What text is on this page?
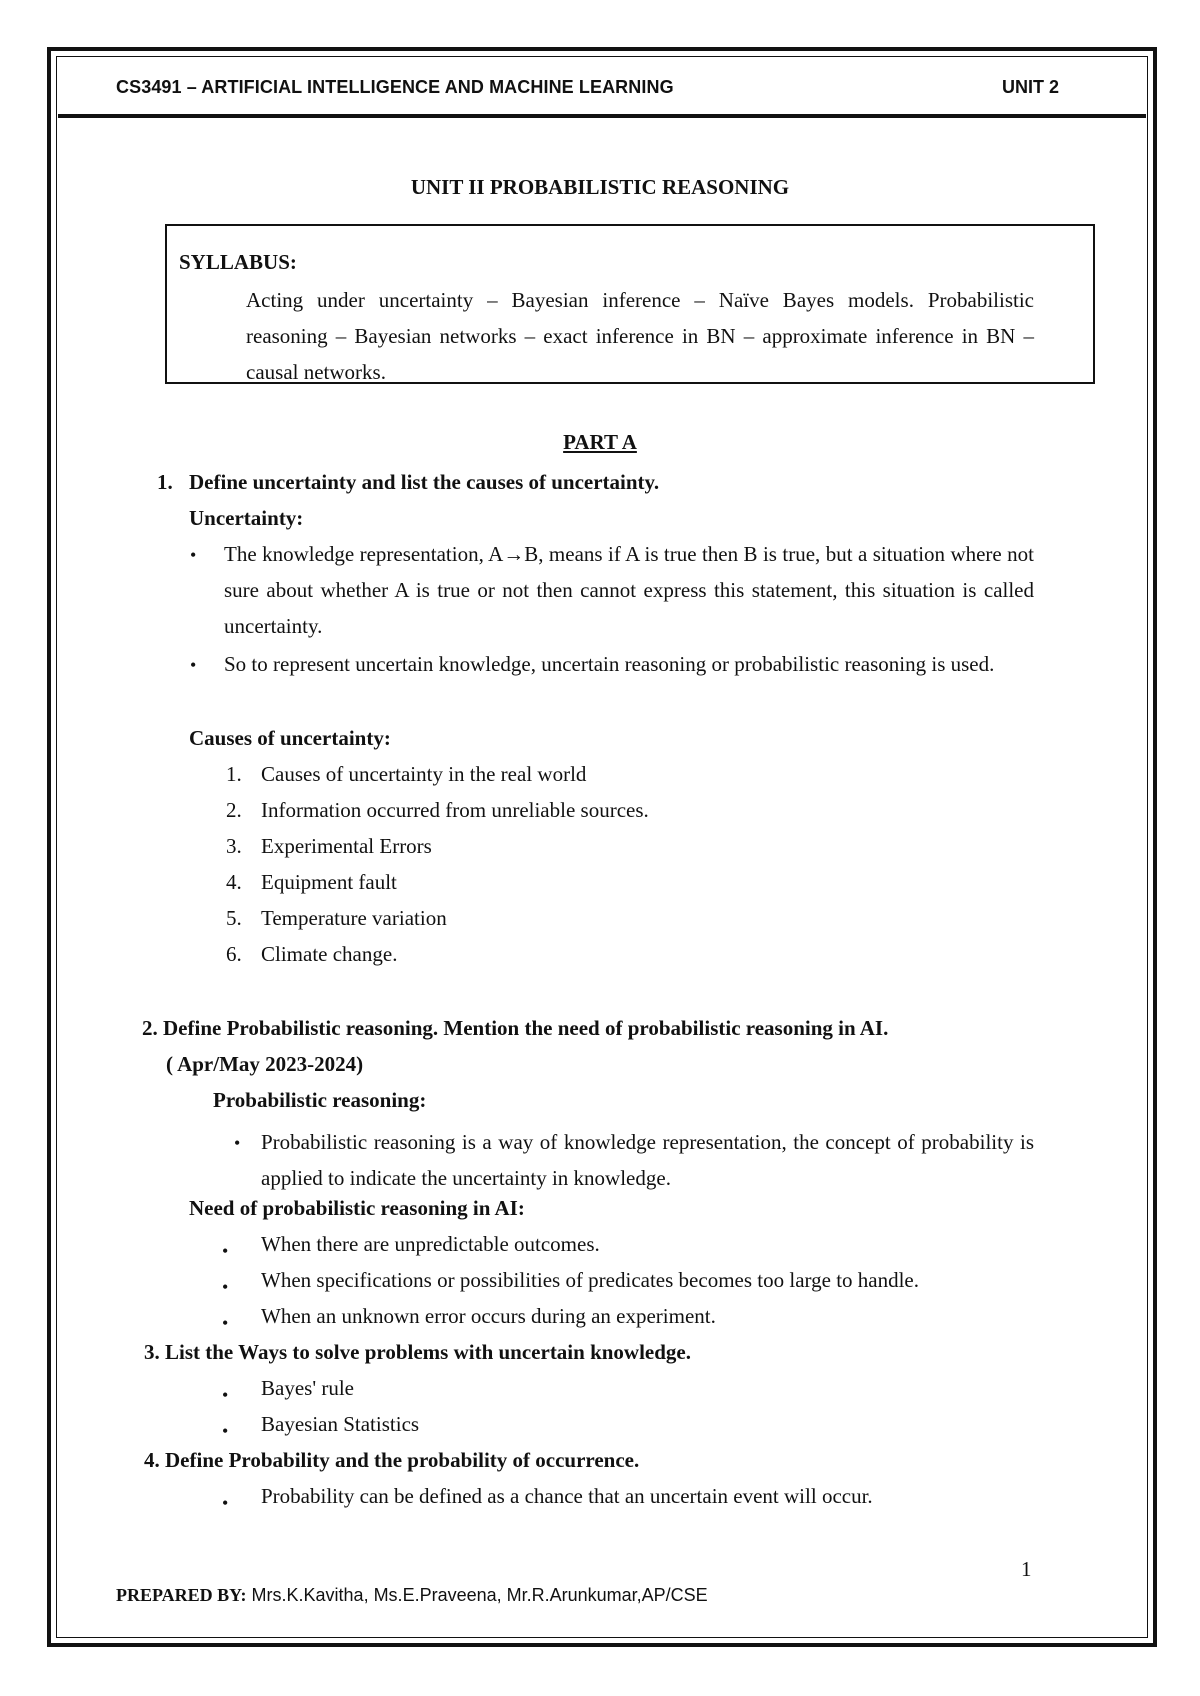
CS3491 – ARTIFICIAL INTELLIGENCE AND MACHINE LEARNING	UNIT 2
UNIT II PROBABILISTIC REASONING
SYLLABUS:
Acting under uncertainty – Bayesian inference – Naïve Bayes models. Probabilistic reasoning – Bayesian networks – exact inference in BN – approximate inference in BN – causal networks.
PART A
1. Define uncertainty and list the causes of uncertainty.
Uncertainty:
• The knowledge representation, A→B, means if A is true then B is true, but a situation where not sure about whether A is true or not then cannot express this statement, this situation is called uncertainty.
• So to represent uncertain knowledge, uncertain reasoning or probabilistic reasoning is used.
Causes of uncertainty:
1. Causes of uncertainty in the real world
2. Information occurred from unreliable sources.
3. Experimental Errors
4. Equipment fault
5. Temperature variation
6. Climate change.
2. Define Probabilistic reasoning. Mention the need of probabilistic reasoning in AI.
( Apr/May 2023-2024)
Probabilistic reasoning:
• Probabilistic reasoning is a way of knowledge representation, the concept of probability is applied to indicate the uncertainty in knowledge.
Need of probabilistic reasoning in AI:
• When there are unpredictable outcomes.
• When specifications or possibilities of predicates becomes too large to handle.
• When an unknown error occurs during an experiment.
3. List the Ways to solve problems with uncertain knowledge.
• Bayes' rule
• Bayesian Statistics
4. Define Probability and the probability of occurrence.
• Probability can be defined as a chance that an uncertain event will occur.
1
PREPARED BY: Mrs.K.Kavitha, Ms.E.Praveena, Mr.R.Arunkumar,AP/CSE
